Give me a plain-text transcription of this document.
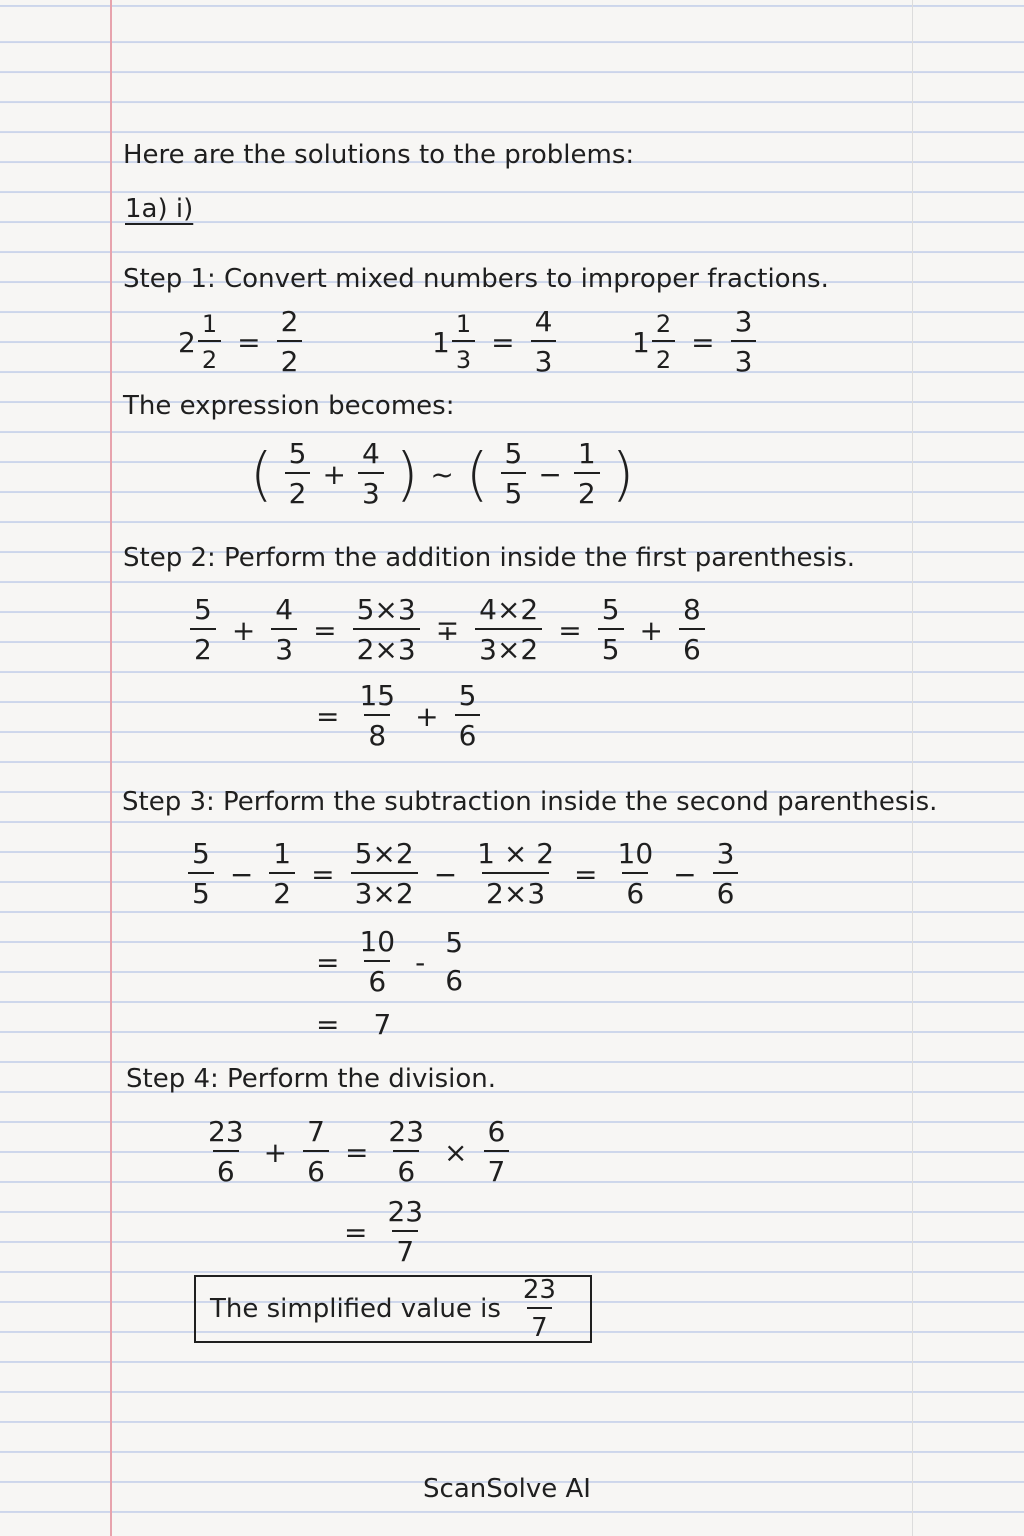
Here are the solutions to the problems:
1a) i)
Step 1: Convert mixed numbers to improper fractions.
$2 \frac{1}{2} = \frac{2}{2}$	$1 \frac{1}{3} = \frac{4}{3}$	$1 \frac{2}{2} = \frac{3}{3}$
The expression becomes:
( $\frac{5}{2} + \frac{4}{3}$ ) ~ ( $\frac{5}{5} - \frac{1}{2}$ )
Step 2: Perform the addition inside the first parenthesis.
$\frac{5}{2} + \frac{4}{3} = \frac{5\times 3}{2\times 3} \mp \frac{4\times 2}{3\times 2} = \frac{5}{5} + \frac{8}{6}$
= $\frac{15}{8} + \frac{5}{6}$
Step 3: Perform the subtraction inside the second parenthesis.
$\frac{5}{5} - \frac{1}{2} = \frac{5\times 2}{3\times 2} - \frac{1 \times 2}{2\times 3} = \frac{10}{6} - \frac{3}{6}$
= $\frac{10}{6}$ -
5
6
= 7
Step 4: Perform the division.
$\frac{23}{6} + \frac{7}{6} = \frac{23}{6} \times \frac{6}{7}$
= $\frac{23}{7}$
The simplified value is $\frac{23}{7}$
ScanSolve AI
